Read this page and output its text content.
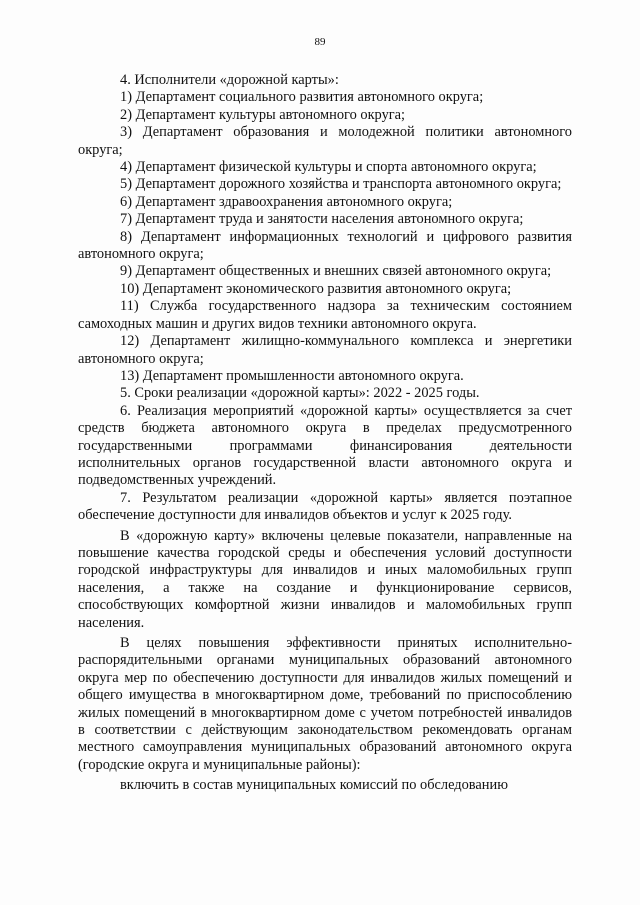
89

4. Исполнители «дорожной карты»:

1) Департамент социального развития автономного округа;

2) Департамент культуры автономного округа;

3) Департамент образования и молодежной политики автономного округа;

4) Департамент физической культуры и спорта автономного округа;

5) Департамент дорожного хозяйства и транспорта автономного округа;

6) Департамент здравоохранения автономного округа;

7) Департамент труда и занятости населения автономного округа;

8) Департамент информационных технологий и цифрового развития автономного округа;

9) Департамент общественных и внешних связей автономного округа;

10) Департамент экономического развития автономного округа;

11) Служба государственного надзора за техническим состоянием самоходных машин и других видов техники автономного округа.

12) Департамент жилищно-коммунального комплекса и энергетики автономного округа;

13) Департамент промышленности автономного округа.

5. Сроки реализации «дорожной карты»: 2022 - 2025 годы.

6. Реализация мероприятий «дорожной карты» осуществляется за счет средств бюджета автономного округа в пределах предусмотренного государственными программами финансирования деятельности исполнительных органов государственной власти автономного округа и подведомственных учреждений.

7. Результатом реализации «дорожной карты» является поэтапное обеспечение доступности для инвалидов объектов и услуг к 2025 году.

В «дорожную карту» включены целевые показатели, направленные на повышение качества городской среды и обеспечения условий доступности городской инфраструктуры для инвалидов и иных маломобильных групп населения, а также на создание и функционирование сервисов, способствующих комфортной жизни инвалидов и маломобильных групп населения.

В целях повышения эффективности принятых исполнительно-распорядительными органами муниципальных образований автономного округа мер по обеспечению доступности для инвалидов жилых помещений и общего имущества в многоквартирном доме, требований по приспособлению жилых помещений в многоквартирном доме с учетом потребностей инвалидов в соответствии с действующим законодательством рекомендовать органам местного самоуправления муниципальных образований автономного округа (городские округа и муниципальные районы):

включить в состав муниципальных комиссий по обследованию
